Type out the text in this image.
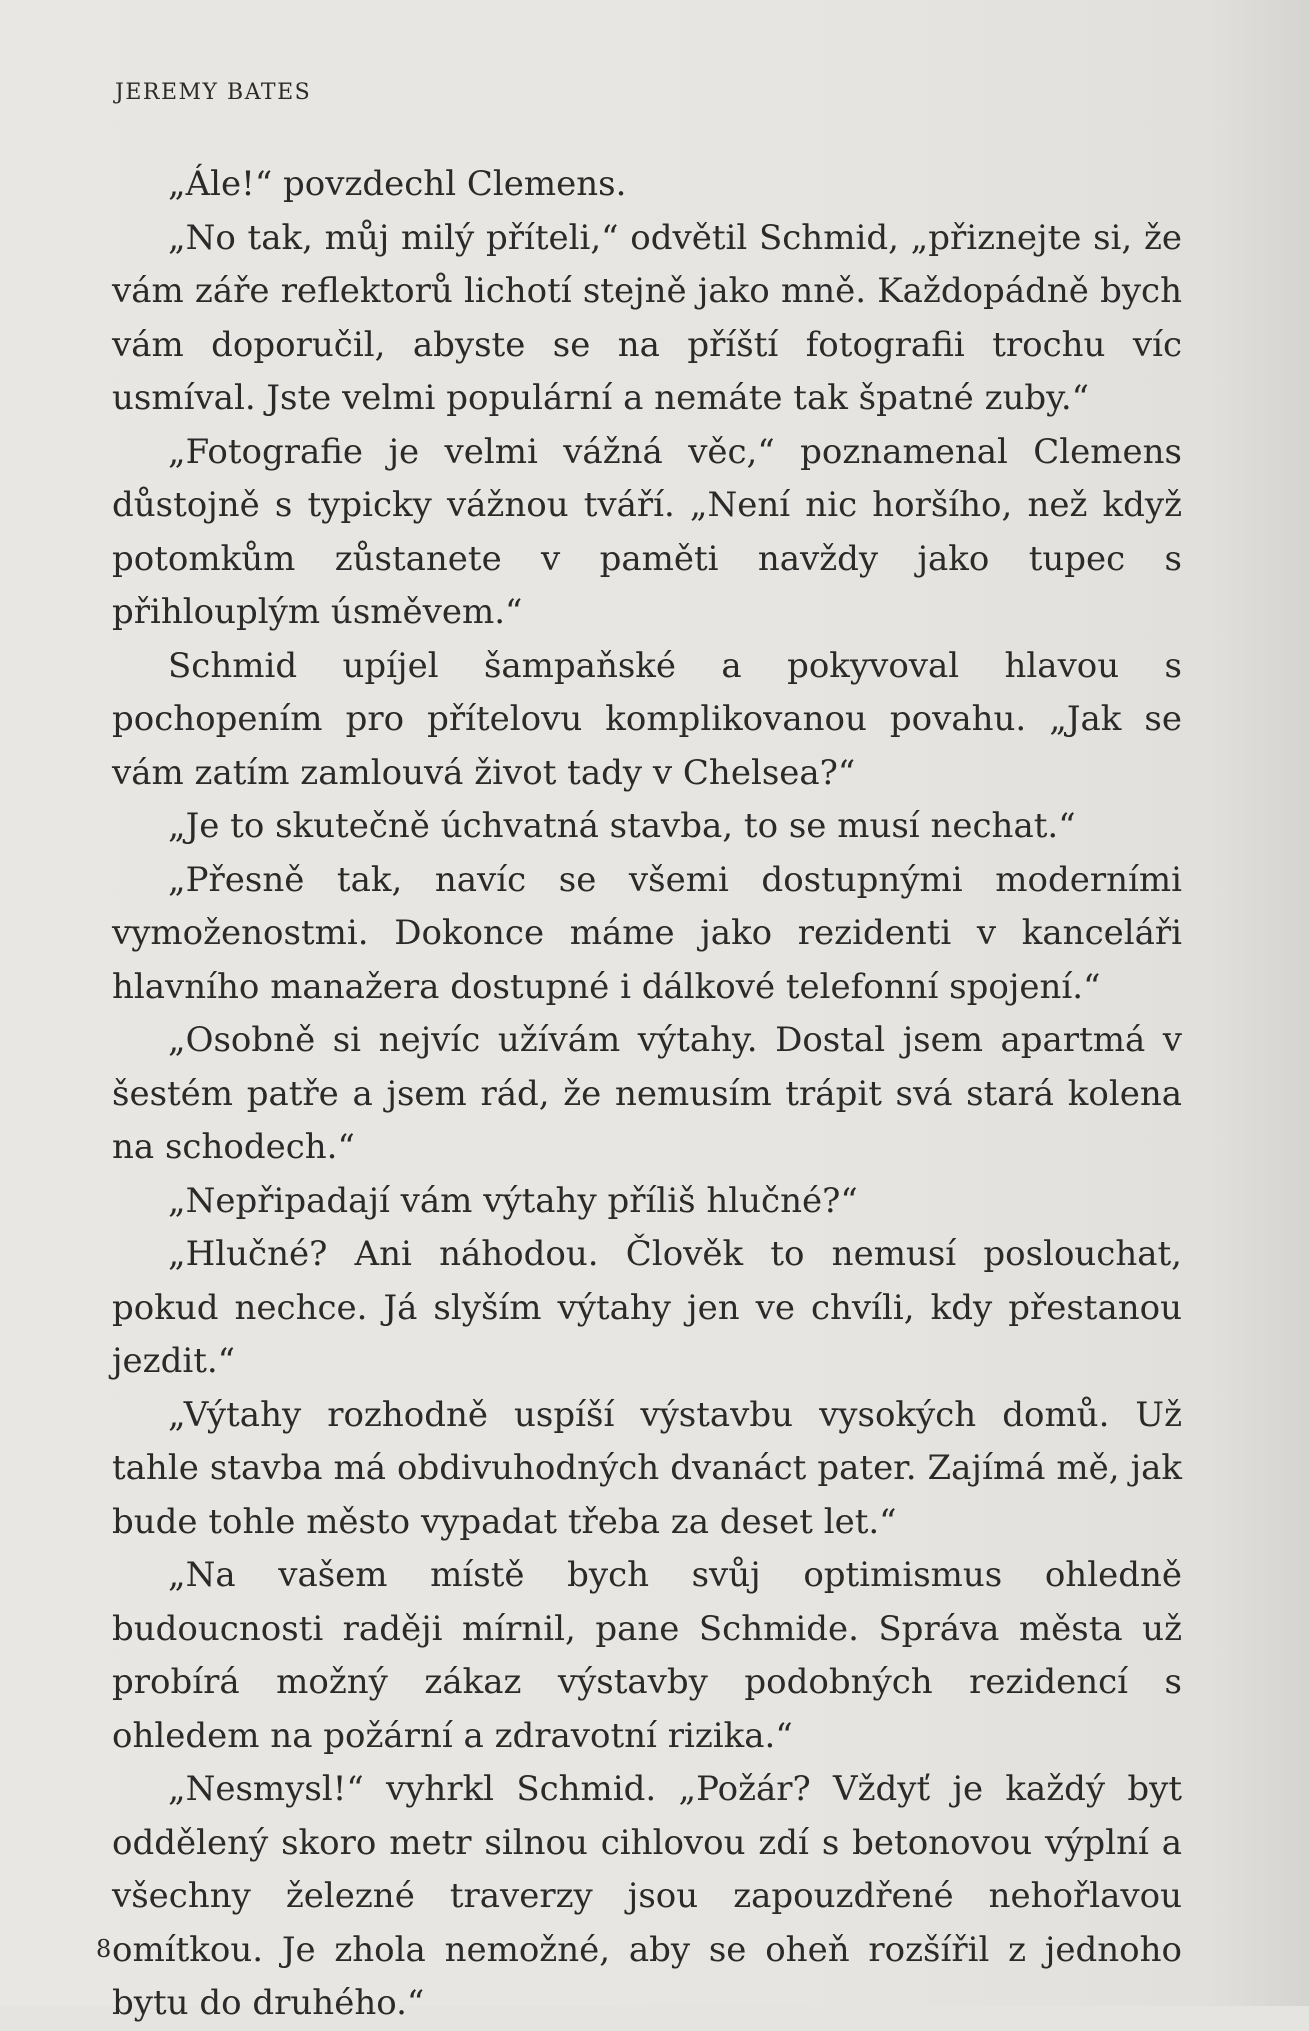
JEREMY BATES

„Ále!“ povzdechl Clemens.

„No tak, můj milý příteli,“ odvětil Schmid, „přiznejte si, že vám záře reflektorů lichotí stejně jako mně. Každopádně bych vám doporučil, abyste se na příští fotografii trochu víc usmíval. Jste velmi populární a nemáte tak špatné zuby.“

„Fotografie je velmi vážná věc,“ poznamenal Clemens důstojně s typicky vážnou tváří. „Není nic horšího, než když potomkům zůstanete v paměti navždy jako tupec s přihlouplým úsměvem.“

Schmid upíjel šampaňské a pokyvoval hlavou s pochopením pro přítelovu komplikovanou povahu. „Jak se vám zatím zamlouvá život tady v Chelsea?“

„Je to skutečně úchvatná stavba, to se musí nechat.“

„Přesně tak, navíc se všemi dostupnými moderními vymoženostmi. Dokonce máme jako rezidenti v kanceláři hlavního manažera dostupné i dálkové telefonní spojení.“

„Osobně si nejvíc užívám výtahy. Dostal jsem apartmá v šestém patře a jsem rád, že nemusím trápit svá stará kolena na schodech.“

„Nepřipadají vám výtahy příliš hlučné?“

„Hlučné? Ani náhodou. Člověk to nemusí poslouchat, pokud nechce. Já slyším výtahy jen ve chvíli, kdy přestanou jezdit.“

„Výtahy rozhodně uspíší výstavbu vysokých domů. Už tahle stavba má obdivuhodných dvanáct pater. Zajímá mě, jak bude tohle město vypadat třeba za deset let.“

„Na vašem místě bych svůj optimismus ohledně budoucnosti raději mírnil, pane Schmide. Správa města už probírá možný zákaz výstavby podobných rezidencí s ohledem na požární a zdravotní rizika.“

„Nesmysl!“ vyhrkl Schmid. „Požár? Vždyť je každý byt oddělený skoro metr silnou cihlovou zdí s betonovou výplní a všechny železné traverzy jsou zapouzdřené nehořlavou omítkou. Je zhola nemožné, aby se oheň rozšířil z jednoho bytu do druhého.“

8
